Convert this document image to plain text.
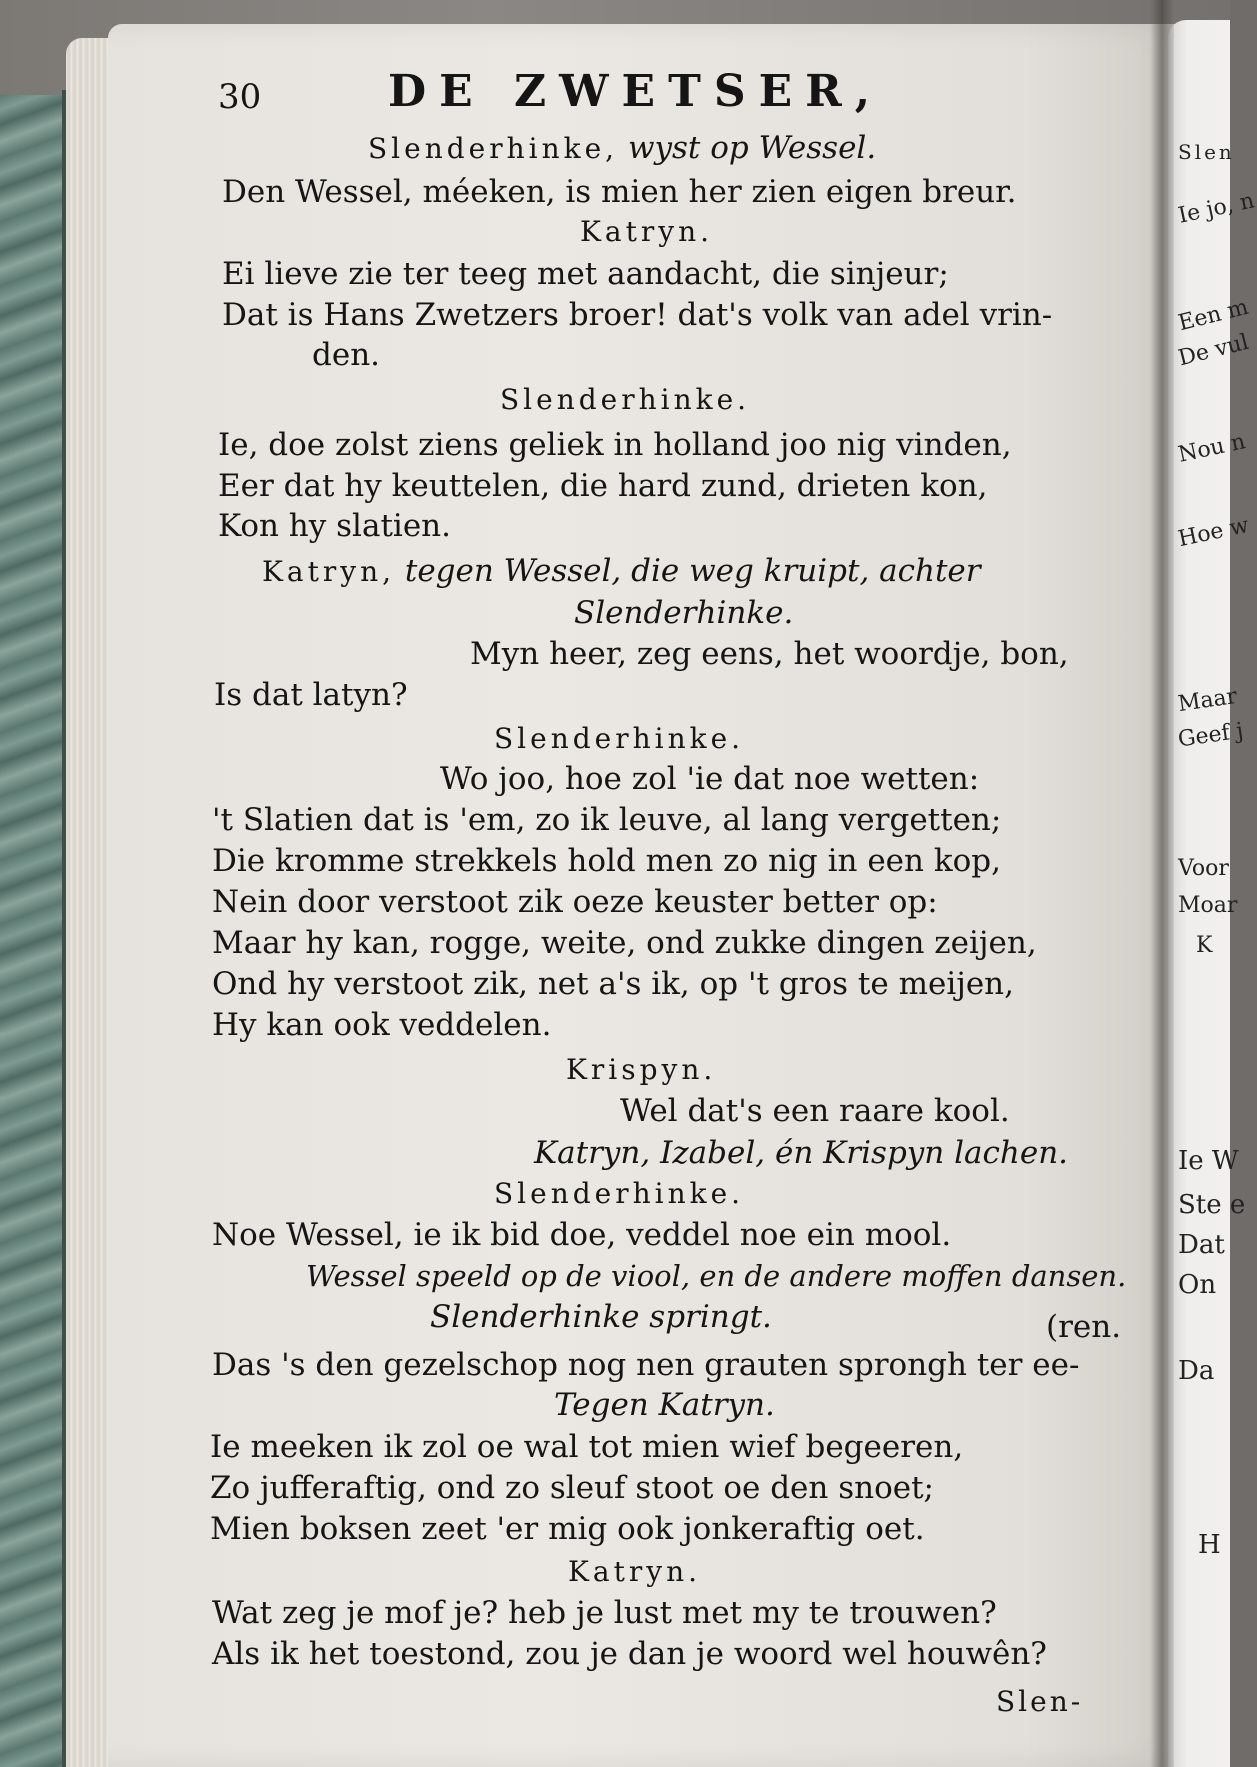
Slen
Ie jo, n
Een m
De vul
Nou n
Hoe w
Maar
Geef j
Voor
Moar
K
Ie W
Ste e
Dat
On
Da
H
30	DE ZWETSER,
Slenderhinke, wyst op Wessel.
Den Wessel, méeken, is mien her zien eigen breur.
Katryn.
Ei lieve zie ter teeg met aandacht, die sinjeur;
Dat is Hans Zwetzers broer! dat's volk van adel vrin-
den.
Slenderhinke.
Ie, doe zolst ziens geliek in holland joo nig vinden,
Eer dat hy keuttelen, die hard zund, drieten kon,
Kon hy slatien.
Katryn, tegen Wessel, die weg kruipt, achter
Slenderhinke.
Myn heer, zeg eens, het woordje, bon,
Is dat latyn?
Slenderhinke.
Wo joo, hoe zol 'ie dat noe wetten:
't Slatien dat is 'em, zo ik leuve, al lang vergetten;
Die kromme strekkels hold men zo nig in een kop,
Nein door verstoot zik oeze keuster better op:
Maar hy kan, rogge, weite, ond zukke dingen zeijen,
Ond hy verstoot zik, net a's ik, op 't gros te meijen,
Hy kan ook veddelen.
Krispyn.
Wel dat's een raare kool.
Katryn, Izabel, én Krispyn lachen.
Slenderhinke.
Noe Wessel, ie ik bid doe, veddel noe ein mool.
Wessel speeld op de viool, en de andere moffen dansen.
Slenderhinke springt.	(ren.
Das 's den gezelschop nog nen grauten sprongh ter ee-
Tegen Katryn.
Ie meeken ik zol oe wal tot mien wief begeeren,
Zo jufferaftig, ond zo sleuf stoot oe den snoet;
Mien boksen zeet 'er mig ook jonkeraftig oet.
Katryn.
Wat zeg je mof je? heb je lust met my te trouwen?
Als ik het toestond, zou je dan je woord wel houwên?
Slen-
